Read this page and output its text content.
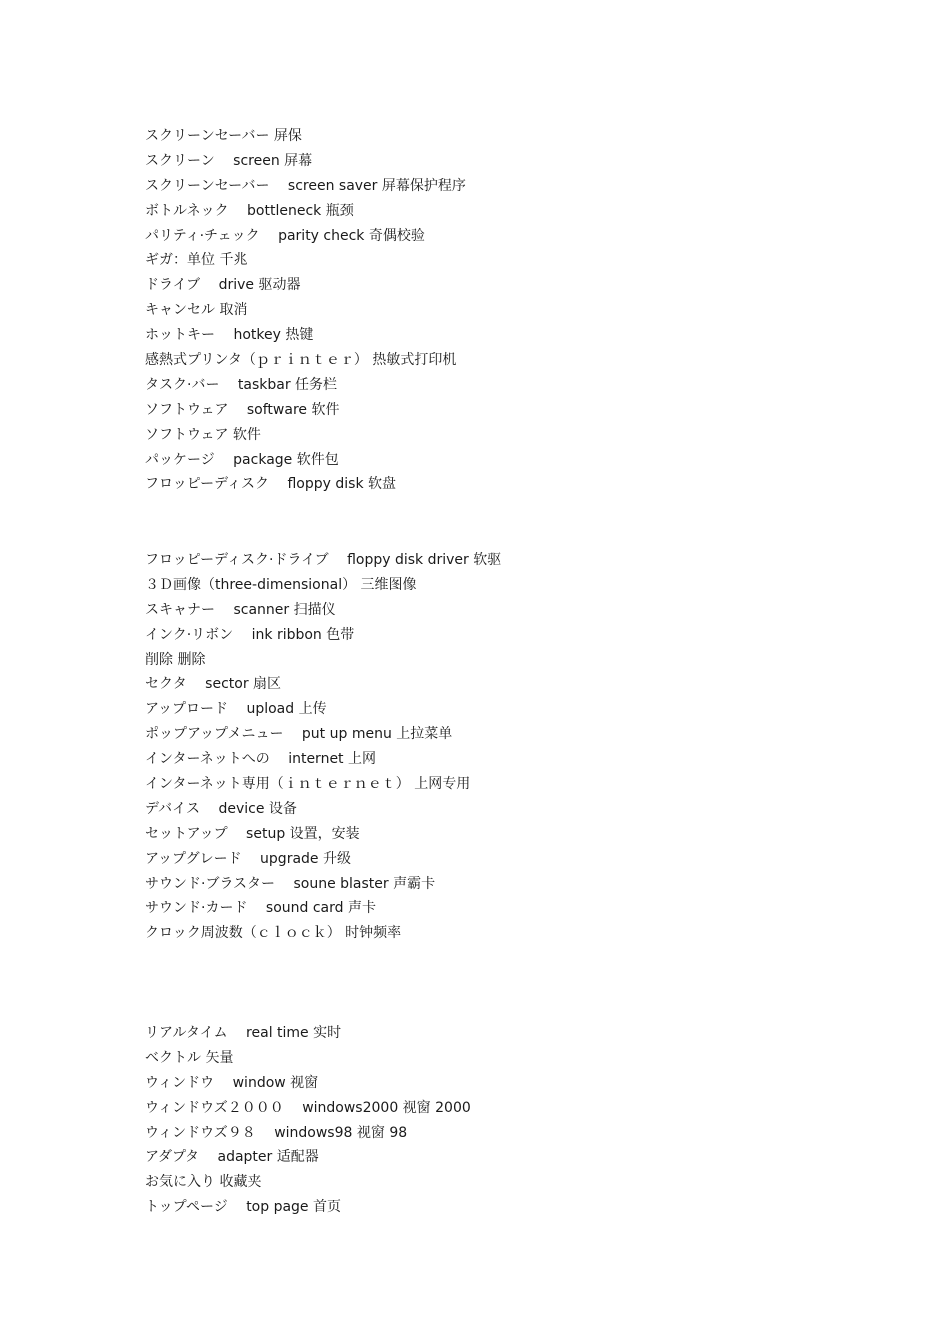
スクリーンセーバー 屏保
スクリーン　 screen 屏幕
スクリーンセーバー　 screen saver 屏幕保护程序
ボトルネック　 bottleneck 瓶颈
パリティ·チェック　 parity check 奇偶校验
ギガ：单位 千兆
ドライブ　 drive 驱动器
キャンセル 取消
ホットキー　 hotkey 热键
感熱式プリンタ（ｐｒｉｎｔｅｒ） 热敏式打印机
タスク·バー　 taskbar 任务栏
ソフトウェア　 software 软件
ソフトウェア 软件
パッケージ　 package 软件包
フロッピーディスク　 floppy disk 软盘
フロッピーディスク·ドライブ　 floppy disk driver 软驱
３Ｄ画像（three-dimensional） 三维图像
スキャナー　 scanner 扫描仪
インク·リボン　 ink ribbon 色带
削除 删除
セクタ　 sector 扇区
アップロード　 upload 上传
ポップアップメニュー　 put up menu 上拉菜单
インターネットへの　 internet 上网
インターネット専用（ｉｎｔｅｒｎｅｔ） 上网专用
デバイス　 device 设备
セットアップ　 setup 设置，安装
アップグレード　 upgrade 升级
サウンド·ブラスター　 soune blaster 声霸卡
サウンド·カード　 sound card 声卡
クロック周波数（ｃｌｏｃｋ） 时钟频率
リアルタイム　 real time 实时
ベクトル 矢量
ウィンドウ　 window 视窗
ウィンドウズ２０００　 windows2000 视窗 2000
ウィンドウズ９８　 windows98 视窗 98
アダプタ　 adapter 适配器
お気に入り 收藏夹
トップページ　 top page 首页
